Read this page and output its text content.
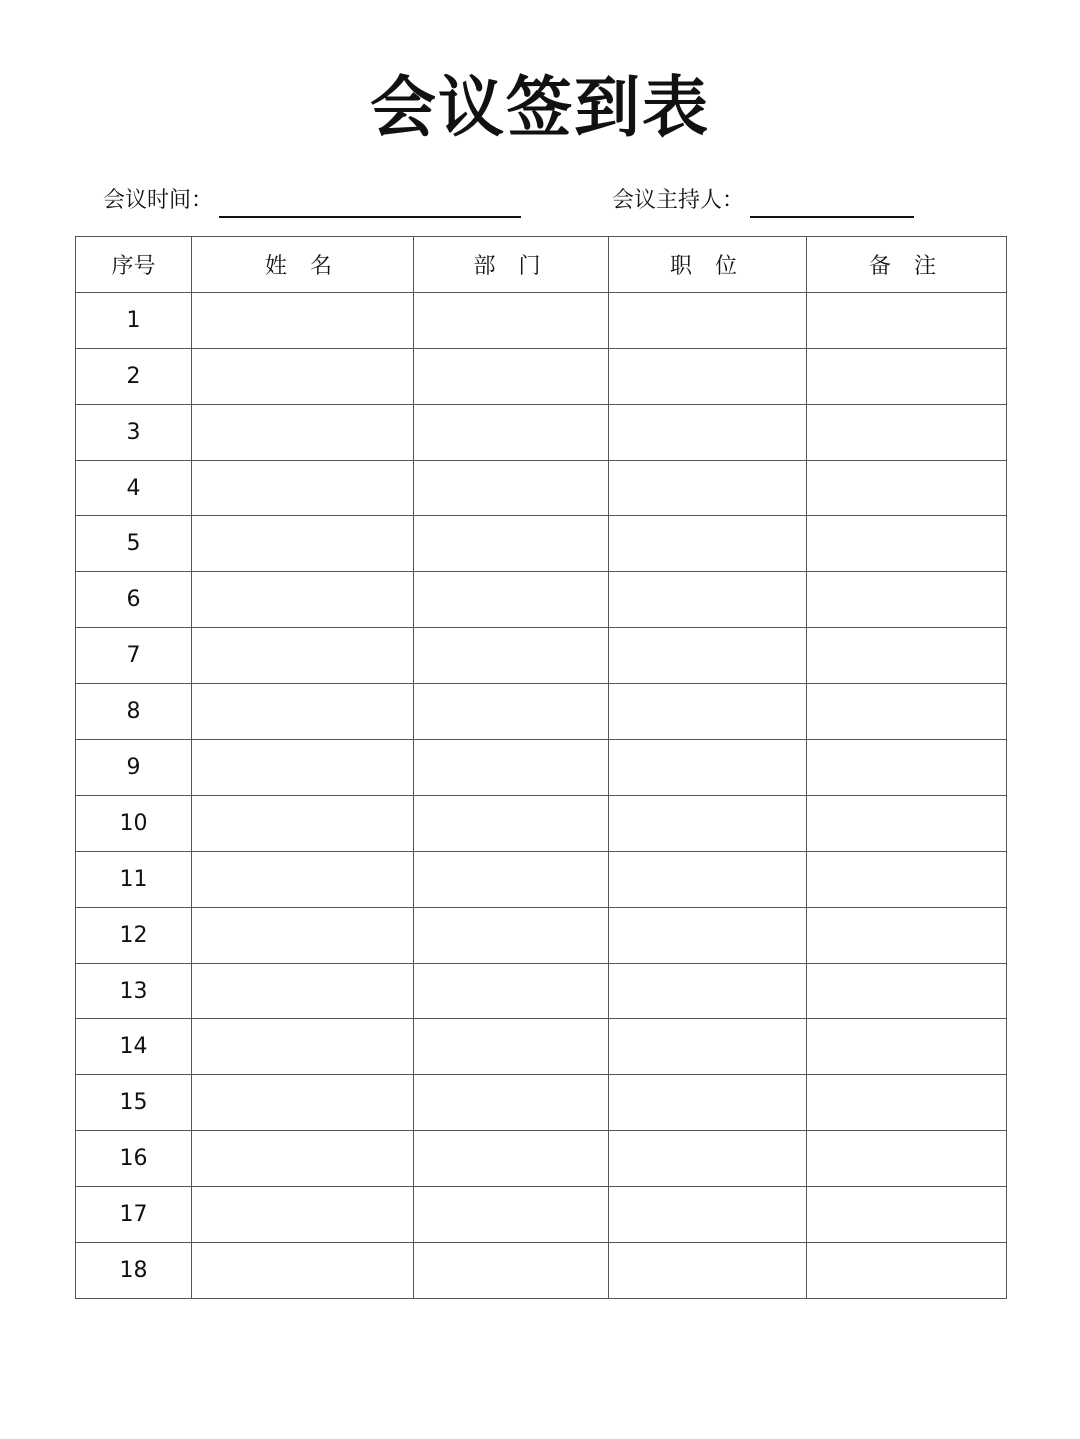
会议签到表
会议时间：	会议主持人：
序号	姓 名	部 门	职 位	备 注
1				
2				
3				
4				
5				
6				
7				
8				
9				
10				
11				
12				
13				
14				
15				
16				
17				
18				
